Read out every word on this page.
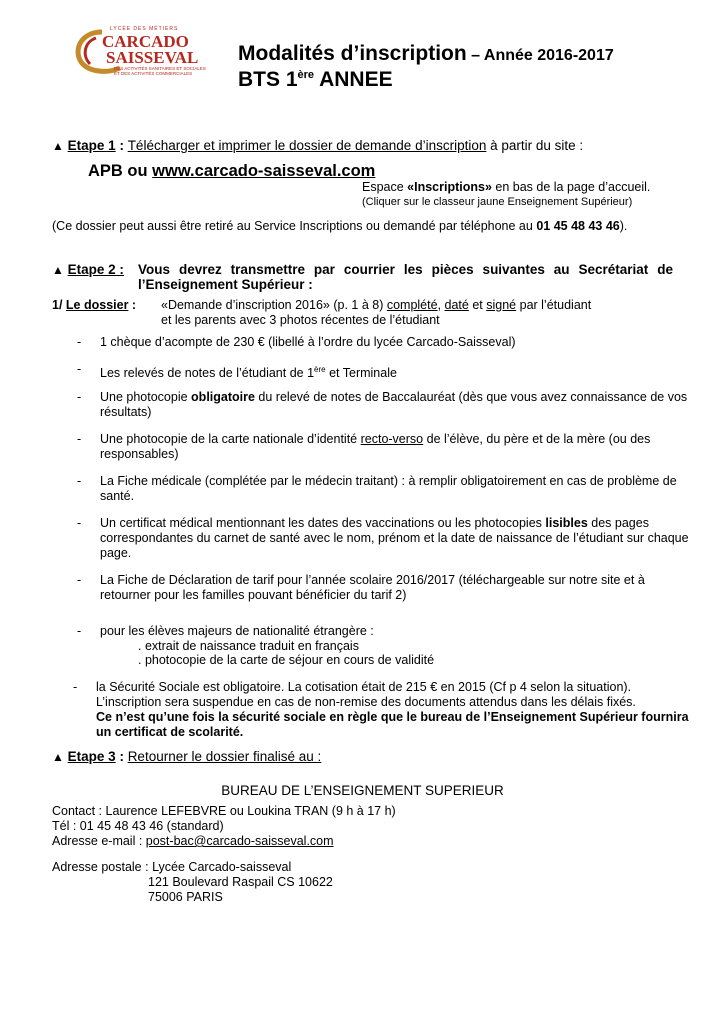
LYCÉE DES MÉTIERS
CARCADO
SAISSEVAL
DES ACTIVITÉS SANITAIRES ET SOCIALES
ET DES ACTIVITÉS COMMERCIALES
Modalités d’inscription – Année 2016-2017
BTS 1ère ANNEE
▲ Etape 1 : Télécharger et imprimer le dossier de demande d’inscription à partir du site :
APB ou www.carcado-saisseval.com
Espace «Inscriptions» en bas de la page d’accueil.
(Cliquer sur le classeur jaune Enseignement Supérieur)
(Ce dossier peut aussi être retiré au Service Inscriptions ou demandé par téléphone au 01 45 48 43 46).
▲ Etape 2 : Vous devrez transmettre par courrier les pièces suivantes au Secrétariat de
l’Enseignement Supérieur :
1/ Le dossier : «Demande d’inscription 2016» (p. 1 à 8) complété, daté et signé par l’étudiant
et les parents avec 3 photos récentes de l’étudiant
- 1 chèque d’acompte de 230 € (libellé à l’ordre du lycée Carcado-Saisseval)
- Les relevés de notes de l’étudiant de 1ère et Terminale
- Une photocopie obligatoire du relevé de notes de Baccalauréat (dès que vous avez connaissance de vos
résultats)
- Une photocopie de la carte nationale d’identité recto-verso de l’élève, du père et de la mère (ou des
responsables)
- La Fiche médicale (complétée par le médecin traitant) : à remplir obligatoirement en cas de problème de
santé.
- Un certificat médical mentionnant les dates des vaccinations ou les photocopies lisibles des pages
correspondantes du carnet de santé avec le nom, prénom et la date de naissance de l’étudiant sur chaque
page.
- La Fiche de Déclaration de tarif pour l’année scolaire 2016/2017 (téléchargeable sur notre site et à
retourner pour les familles pouvant bénéficier du tarif 2)
- pour les élèves majeurs de nationalité étrangère :
. extrait de naissance traduit en français
. photocopie de la carte de séjour en cours de validité
- la Sécurité Sociale est obligatoire. La cotisation était de 215 € en 2015 (Cf p 4 selon la situation).
L’inscription sera suspendue en cas de non-remise des documents attendus dans les délais fixés.
Ce n’est qu’une fois la sécurité sociale en règle que le bureau de l’Enseignement Supérieur fournira
un certificat de scolarité.
▲ Etape 3 : Retourner le dossier finalisé au :
BUREAU DE L’ENSEIGNEMENT SUPERIEUR
Contact : Laurence LEFEBVRE ou Loukina TRAN (9 h à 17 h)
Tél : 01 45 48 43 46 (standard)
Adresse e-mail : post-bac@carcado-saisseval.com
Adresse postale : Lycée Carcado-saisseval
121 Boulevard Raspail CS 10622
75006 PARIS
